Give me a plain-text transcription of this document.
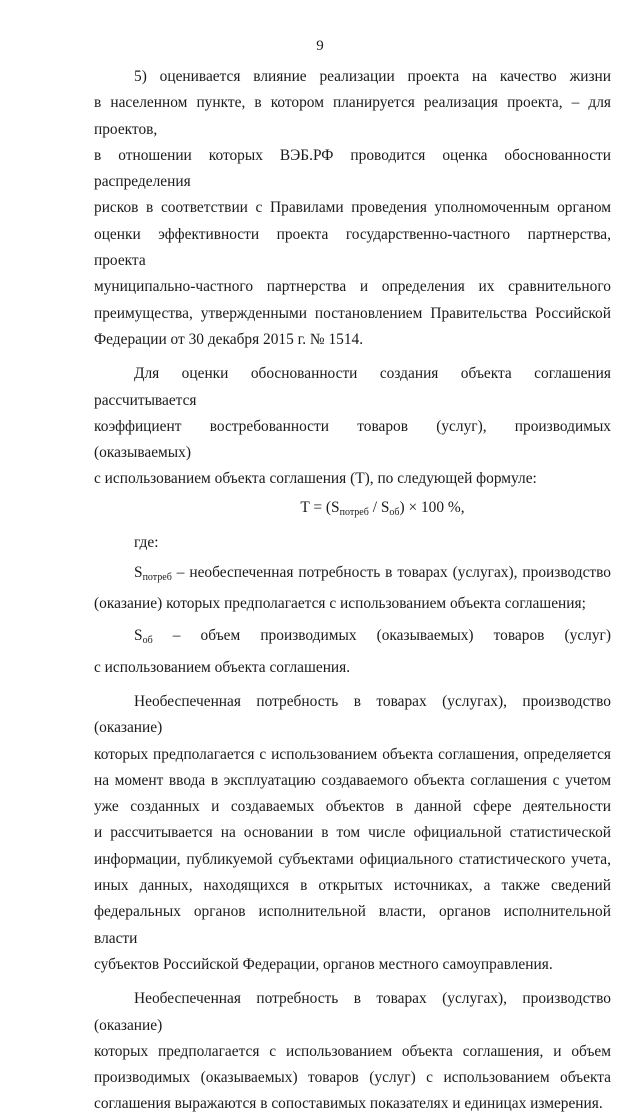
9
5) оценивается влияние реализации проекта на качество жизни
в населенном пункте, в котором планируется реализация проекта, – для проектов,
в отношении которых ВЭБ.РФ проводится оценка обоснованности распределения
рисков в соответствии с Правилами проведения уполномоченным органом
оценки эффективности проекта государственно-частного партнерства, проекта
муниципально-частного партнерства и определения их сравнительного
преимущества, утвержденными постановлением Правительства Российской
Федерации от 30 декабря 2015 г. № 1514.
Для оценки обоснованности создания объекта соглашения рассчитывается
коэффициент востребованности товаров (услуг), производимых (оказываемых)
с использованием объекта соглашения (T), по следующей формуле:
$T = (S_{потреб} / S_{об}) \times 100$ %,
где:
$S_{потреб}$ – необеспеченная потребность в товарах (услугах), производство
(оказание) которых предполагается с использованием объекта соглашения;
$S_{об}$ – объем производимых (оказываемых) товаров (услуг)
с использованием объекта соглашения.
Необеспеченная потребность в товарах (услугах), производство (оказание)
которых предполагается с использованием объекта соглашения, определяется
на момент ввода в эксплуатацию создаваемого объекта соглашения с учетом
уже созданных и создаваемых объектов в данной сфере деятельности
и рассчитывается на основании в том числе официальной статистической
информации, публикуемой субъектами официального статистического учета,
иных данных, находящихся в открытых источниках, а также сведений
федеральных органов исполнительной власти, органов исполнительной власти
субъектов Российской Федерации, органов местного самоуправления.
Необеспеченная потребность в товарах (услугах), производство (оказание)
которых предполагается с использованием объекта соглашения, и объем
производимых (оказываемых) товаров (услуг) с использованием объекта
соглашения выражаются в сопоставимых показателях и единицах измерения.
